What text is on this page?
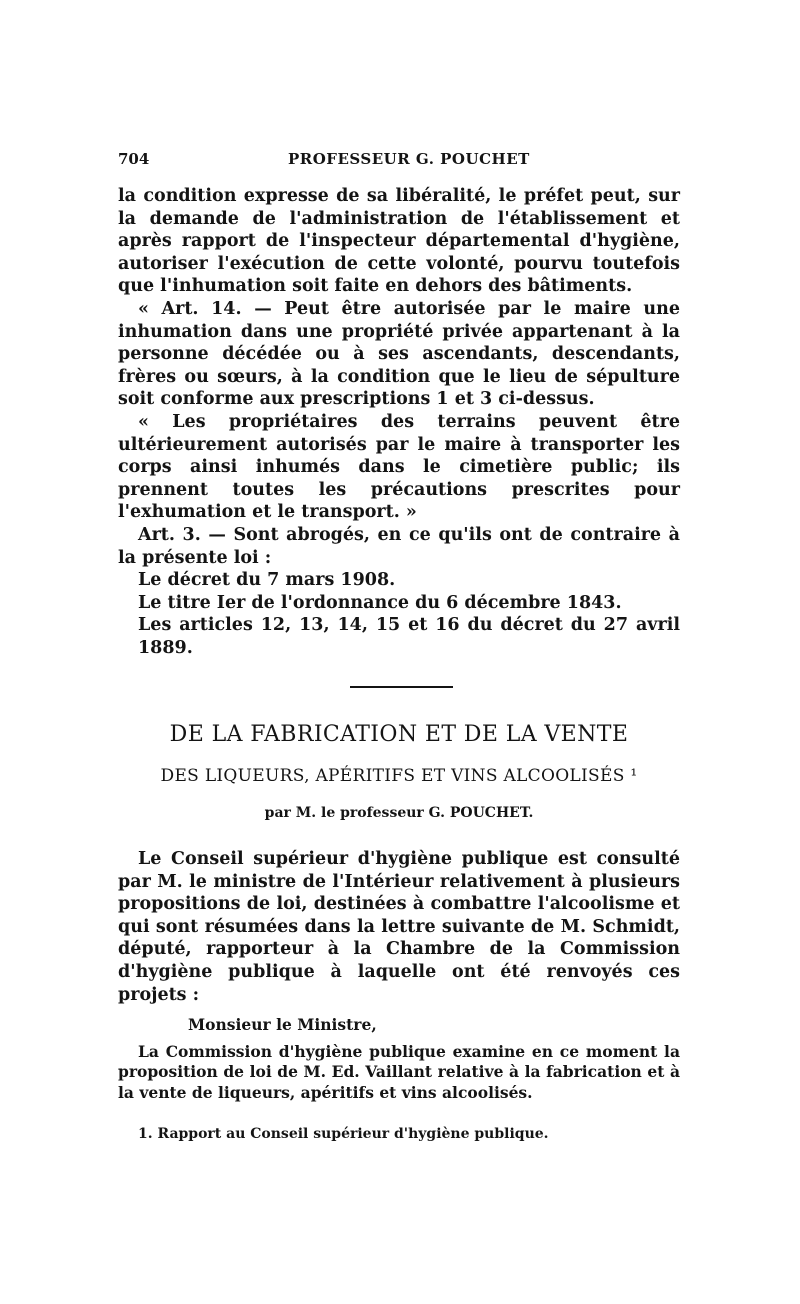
704	PROFESSEUR G. POUCHET

la condition expresse de sa libéralité, le préfet peut, sur la demande de l'administration de l'établissement et après rapport de l'inspecteur départemental d'hygiène, autoriser l'exécution de cette volonté, pourvu toutefois que l'inhumation soit faite en dehors des bâtiments.

« Art. 14. — Peut être autorisée par le maire une inhumation dans une propriété privée appartenant à la personne décédée ou à ses ascendants, descendants, frères ou sœurs, à la condition que le lieu de sépulture soit conforme aux prescriptions 1 et 3 ci-dessus.

« Les propriétaires des terrains peuvent être ultérieurement autorisés par le maire à transporter les corps ainsi inhumés dans le cimetière public; ils prennent toutes les précautions prescrites pour l'exhumation et le transport. »

Art. 3. — Sont abrogés, en ce qu'ils ont de contraire à la présente loi :

Le décret du 7 mars 1908.

Le titre Ier de l'ordonnance du 6 décembre 1843.

Les articles 12, 13, 14, 15 et 16 du décret du 27 avril 1889.

DE LA FABRICATION ET DE LA VENTE
DES LIQUEURS, APÉRITIFS ET VINS ALCOOLISÉS ¹
par M. le professeur G. POUCHET.

Le Conseil supérieur d'hygiène publique est consulté par M. le ministre de l'Intérieur relativement à plusieurs propositions de loi, destinées à combattre l'alcoolisme et qui sont résumées dans la lettre suivante de M. Schmidt, député, rapporteur à la Chambre de la Commission d'hygiène publique à laquelle ont été renvoyés ces projets :

Monsieur le Ministre,

La Commission d'hygiène publique examine en ce moment la proposition de loi de M. Ed. Vaillant relative à la fabrication et à la vente de liqueurs, apéritifs et vins alcoolisés.

1. Rapport au Conseil supérieur d'hygiène publique.
